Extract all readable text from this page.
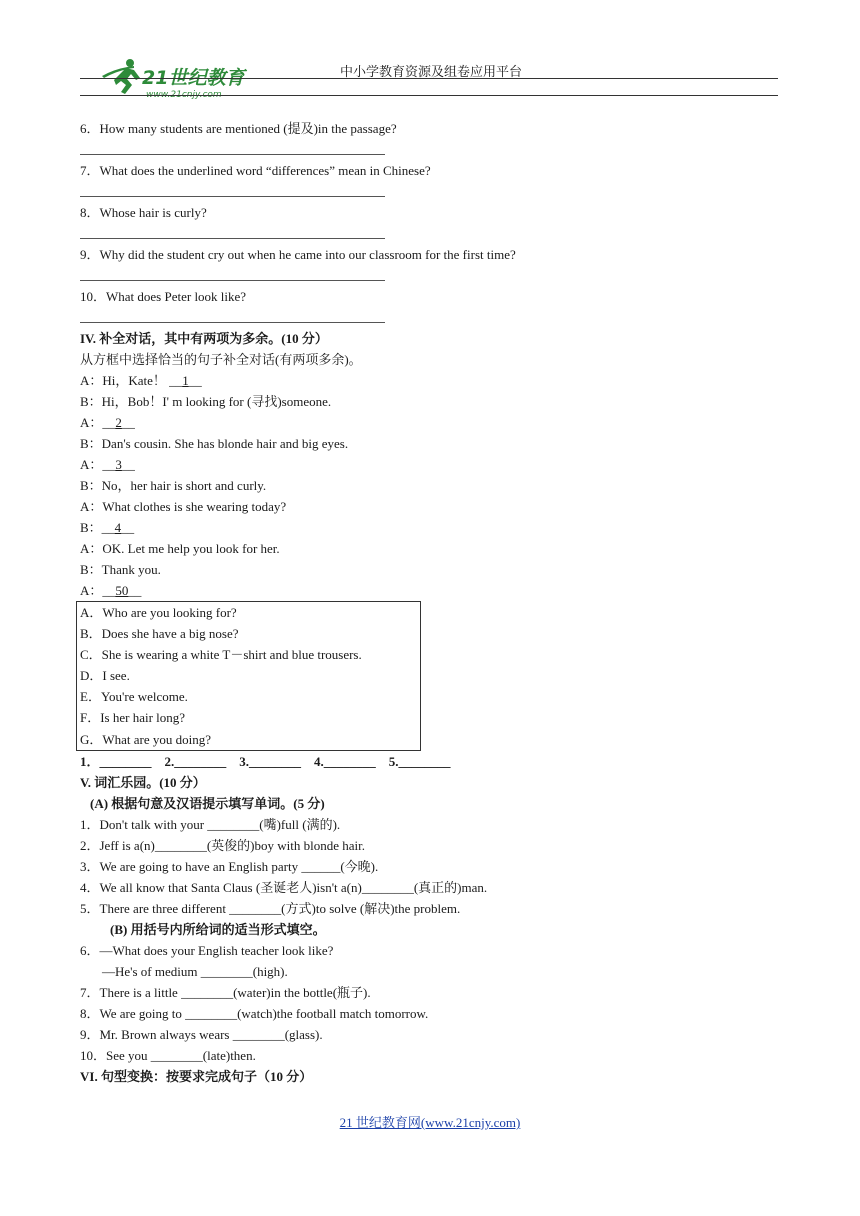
21世纪教育
www.21cnjy.com
中小学教育资源及组卷应用平台
6．How many students are mentioned (提及)in the passage?
7．What does the underlined word “differences” mean in Chinese?
8．Whose hair is curly?
9．Why did the student cry out when he came into our classroom for the first time?
10．What does Peter look like?
IV. 补全对话，其中有两项为多余。(10 分）
从方框中选择恰当的句子补全对话(有两项多余)。
A：Hi，Kate！ __1__
B：Hi，Bob！I' m looking for (寻找)someone.
A：__2__
B：Dan's cousin. She has blonde hair and big eyes.
A：__3__
B：No，her hair is short and curly.
A：What clothes is she wearing today?
B：__4__
A：OK. Let me help you look for her.
B：Thank you.
A：__50__
A．Who are you looking for?
B．Does she have a big nose?
C．She is wearing a white T－shirt and blue trousers.
D．I see.
E．You're welcome.
F．Is her hair long?
G．What are you doing?
1．________    2.________    3.________    4.________    5.________
V. 词汇乐园。(10 分）
(A) 根据句意及汉语提示填写单词。(5 分)
1．Don't talk with your ________(嘴)full (满的).
2．Jeff is a(n)________(英俊的)boy with blonde hair.
3．We are going to have an English party ______(今晚).
4．We all know that Santa Claus (圣诞老人)isn't a(n)________(真正的)man.
5．There are three different ________(方式)to solve (解决)the problem.
(B) 用括号内所给词的适当形式填空。
6．—What does your English teacher look like?
—He's of medium ________(high).
7．There is a little ________(water)in the bottle(瓶子).
8．We are going to ________(watch)the football match tomorrow.
9．Mr. Brown always wears ________(glass).
10．See you ________(late)then.
VI. 句型变换：按要求完成句子（10 分）
21 世纪教育网(www.21cnjy.com)
